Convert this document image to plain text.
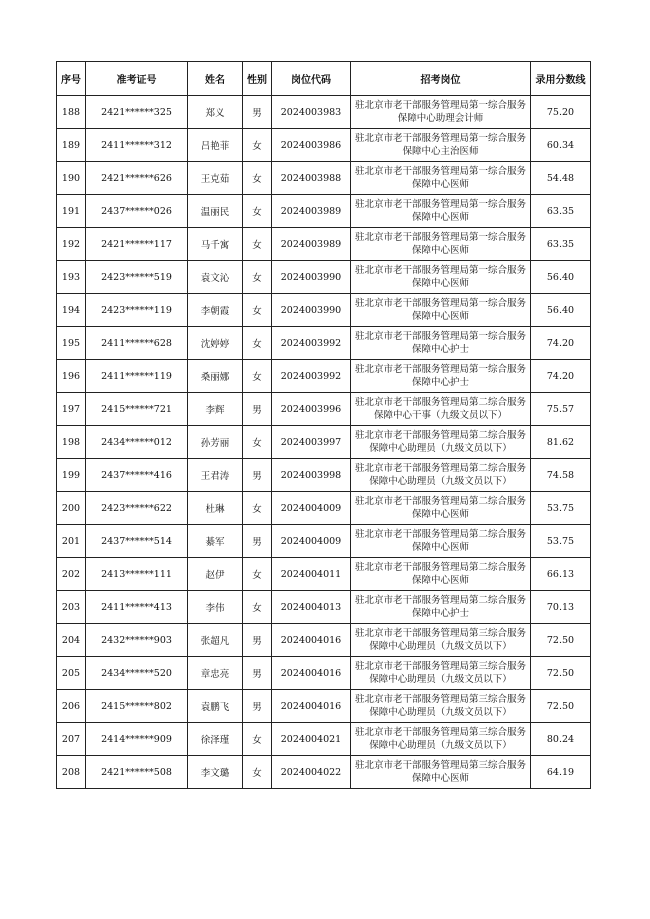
序号	准考证号	姓名	性别	岗位代码	招考岗位	录用分数线
188	2421******325	郑义	男	2024003983	驻北京市老干部服务管理局第一综合服务保障中心助理会计师	75.20
189	2411******312	吕艳菲	女	2024003986	驻北京市老干部服务管理局第一综合服务保障中心主治医师	60.34
190	2421******626	王克茹	女	2024003988	驻北京市老干部服务管理局第一综合服务保障中心医师	54.48
191	2437******026	温丽民	女	2024003989	驻北京市老干部服务管理局第一综合服务保障中心医师	63.35
192	2421******117	马千寓	女	2024003989	驻北京市老干部服务管理局第一综合服务保障中心医师	63.35
193	2423******519	袁文沁	女	2024003990	驻北京市老干部服务管理局第一综合服务保障中心医师	56.40
194	2423******119	李朝霞	女	2024003990	驻北京市老干部服务管理局第一综合服务保障中心医师	56.40
195	2411******628	沈婷婷	女	2024003992	驻北京市老干部服务管理局第一综合服务保障中心护士	74.20
196	2411******119	桑丽娜	女	2024003992	驻北京市老干部服务管理局第一综合服务保障中心护士	74.20
197	2415******721	李辉	男	2024003996	驻北京市老干部服务管理局第二综合服务保障中心干事（九级文员以下）	75.57
198	2434******012	孙芳丽	女	2024003997	驻北京市老干部服务管理局第二综合服务保障中心助理员（九级文员以下）	81.62
199	2437******416	王君涛	男	2024003998	驻北京市老干部服务管理局第二综合服务保障中心助理员（九级文员以下）	74.58
200	2423******622	杜琳	女	2024004009	驻北京市老干部服务管理局第二综合服务保障中心医师	53.75
201	2437******514	綦军	男	2024004009	驻北京市老干部服务管理局第二综合服务保障中心医师	53.75
202	2413******111	赵伊	女	2024004011	驻北京市老干部服务管理局第二综合服务保障中心医师	66.13
203	2411******413	李伟	女	2024004013	驻北京市老干部服务管理局第二综合服务保障中心护士	70.13
204	2432******903	张超凡	男	2024004016	驻北京市老干部服务管理局第三综合服务保障中心助理员（九级文员以下）	72.50
205	2434******520	章忠亮	男	2024004016	驻北京市老干部服务管理局第三综合服务保障中心助理员（九级文员以下）	72.50
206	2415******802	袁鹏飞	男	2024004016	驻北京市老干部服务管理局第三综合服务保障中心助理员（九级文员以下）	72.50
207	2414******909	徐泽瑾	女	2024004021	驻北京市老干部服务管理局第三综合服务保障中心助理员（九级文员以下）	80.24
208	2421******508	李文璐	女	2024004022	驻北京市老干部服务管理局第三综合服务保障中心医师	64.19
